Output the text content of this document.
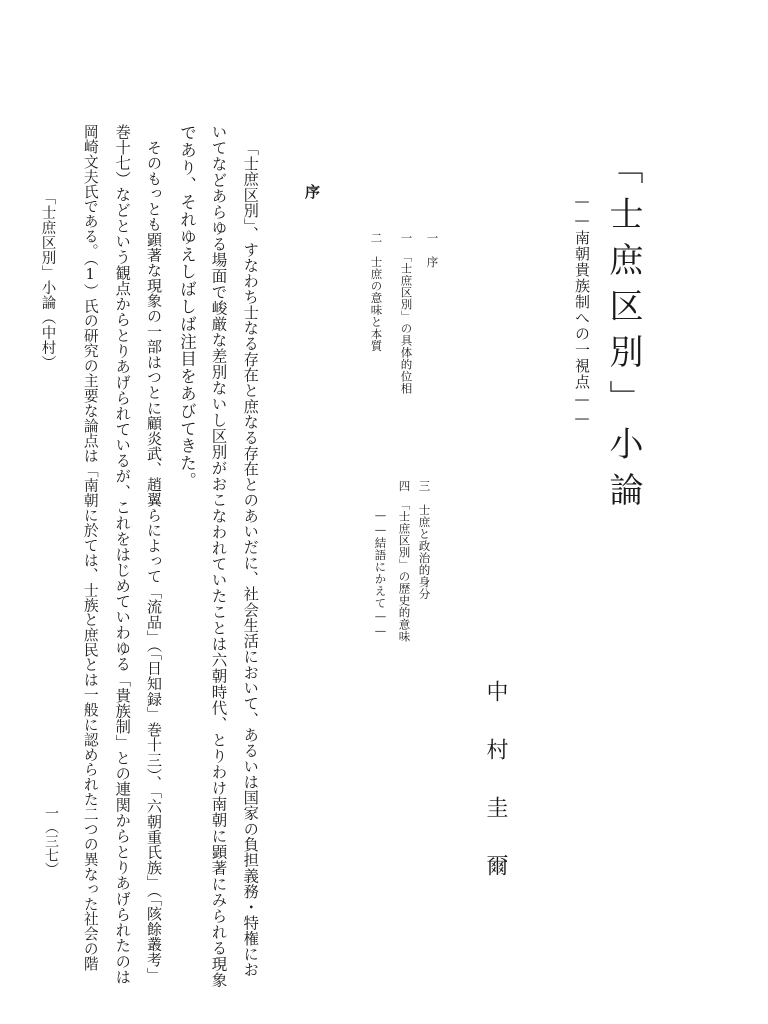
「士庶区別」小論
——南朝貴族制への一視点——
一　序
一　「士庶区別」の具体的位相
二　士庶の意味と本質
三　士庶と政治的身分
四　「士庶区別」の歴史的意味
——結語にかえて——
中村圭爾
序
「士庶区別」、すなわち士なる存在と庶なる存在とのあいだに、社会生活において、あるいは国家の負担義務・特権にお
いてなどあらゆる場面で峻厳な差別ないし区別がおこなわれていたことは六朝時代、とりわけ南朝に顕著にみられる現象
であり、それゆえしばしば注目をあびてきた。
そのもっとも顕著な現象の一部はつとに顧炎武、趙翼らによって「流品」（「日知録」巻十三）、「六朝重氏族」（「陔餘叢考」
巻十七）などという観点からとりあげられているが、これをはじめていわゆる「貴族制」との連関からとりあげられたのは
岡崎文夫氏である。（1）氏の研究の主要な論点は「南朝に於ては、士族と庶民とは一般に認められた二つの異なった社会の階
「士庶区別」小論（中村）
一（三七）
